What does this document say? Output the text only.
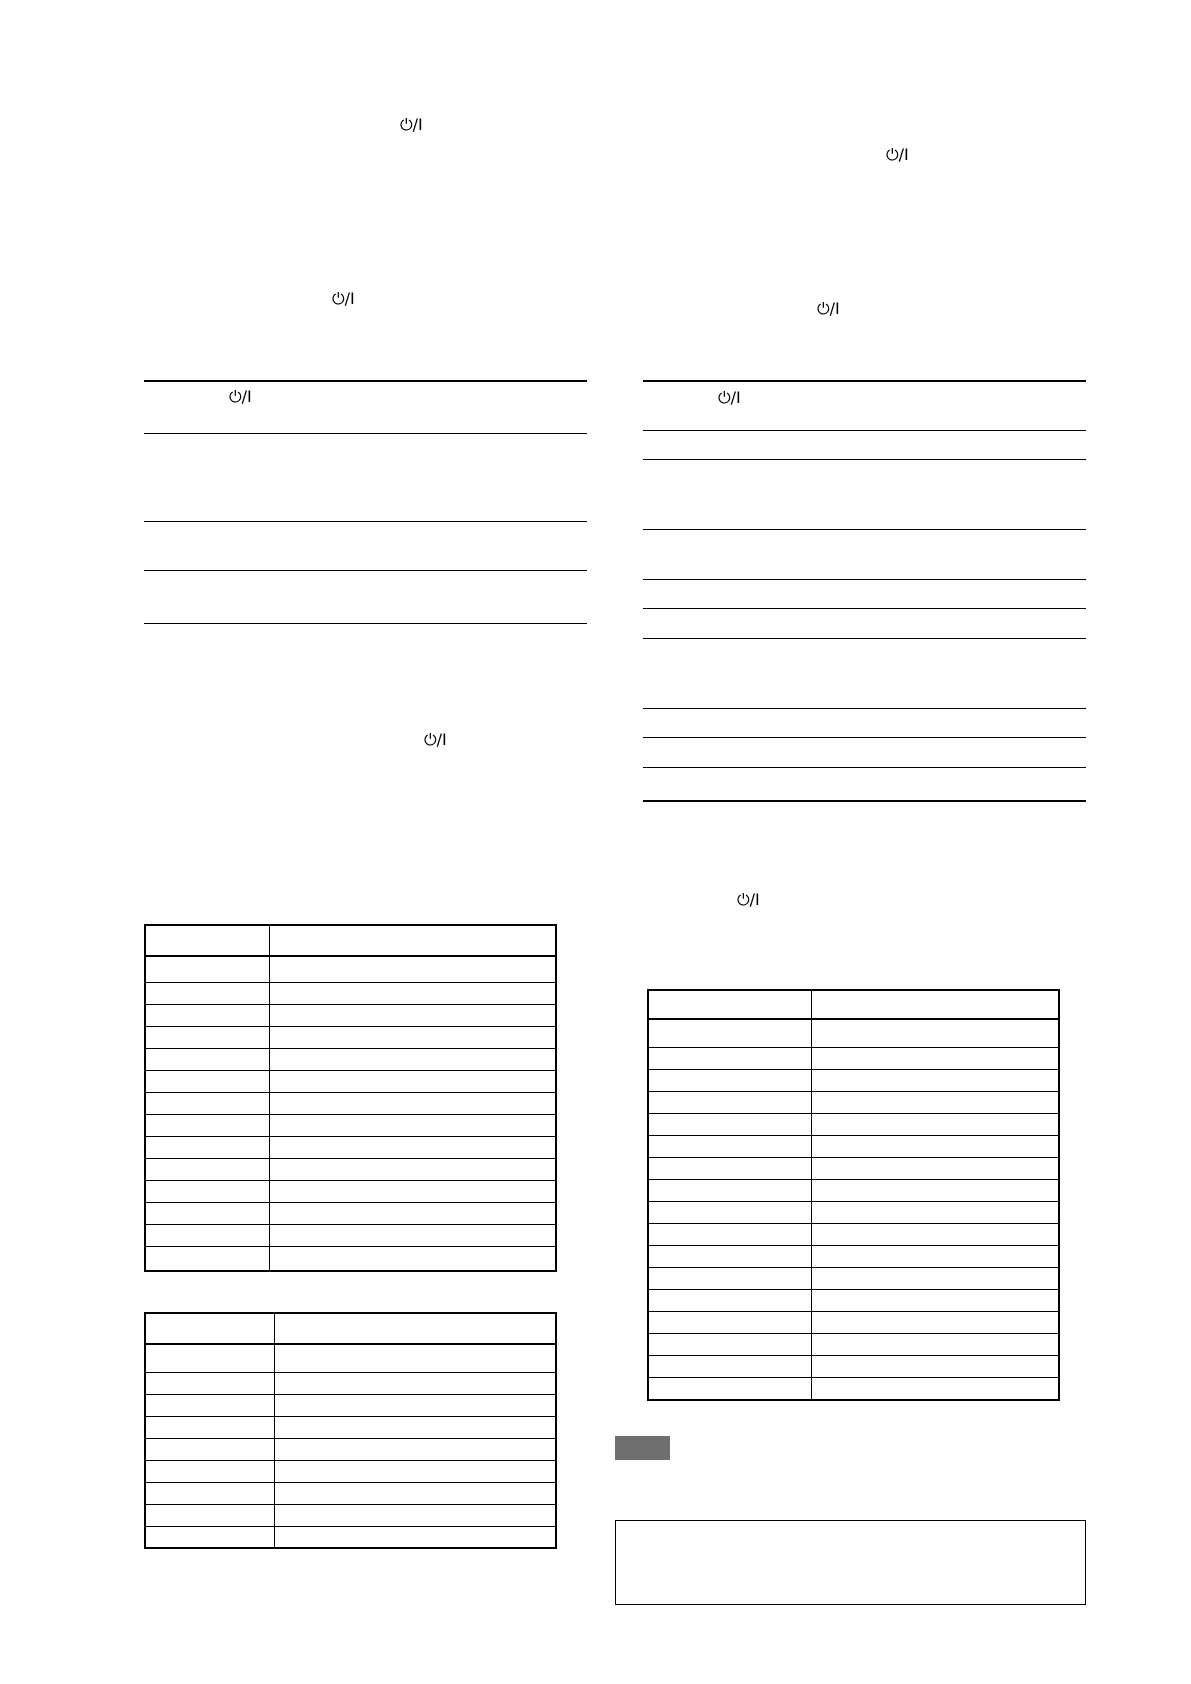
⏻/I
⏻/I
⏻/I
⏻/I
⏻/I
⏻/I
⏻/I
⏻/I
